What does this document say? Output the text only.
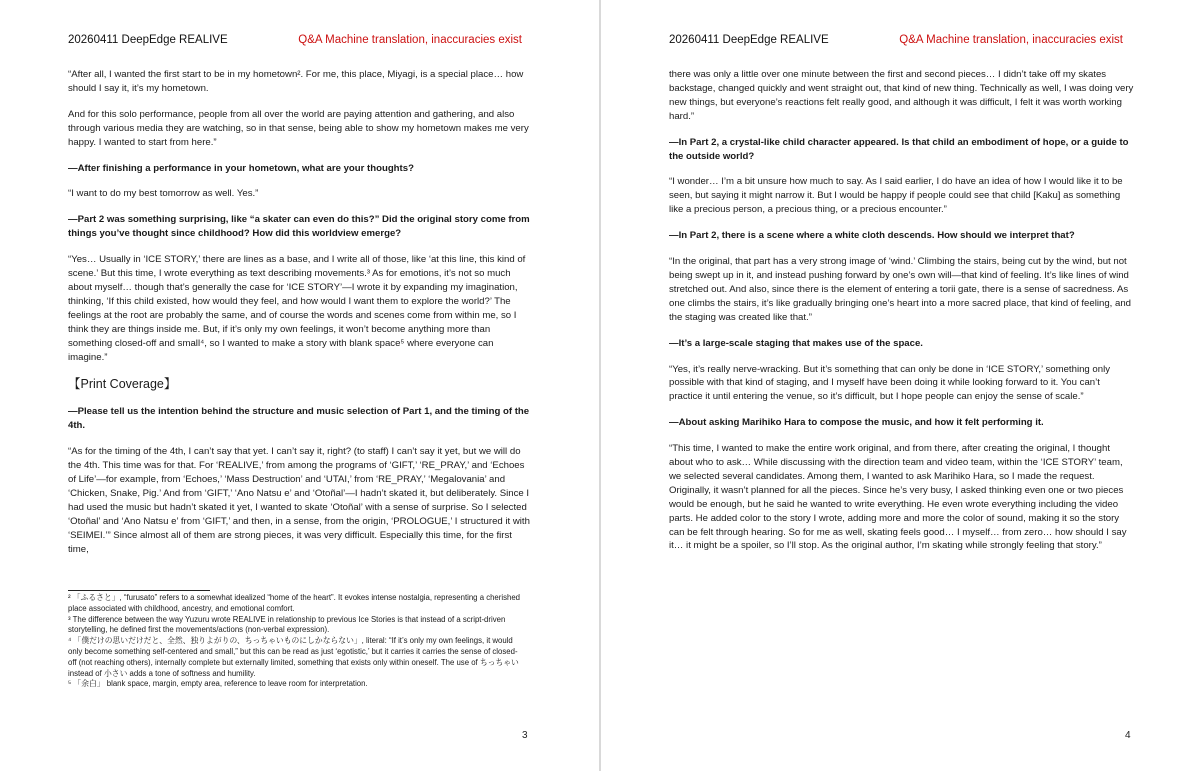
20260411 DeepEdge REALIVE	Q&A Machine translation, inaccuracies exist

“After all, I wanted the first start to be in my hometown². For me, this place, Miyagi, is a special place… how should I say it, it’s my hometown.

And for this solo performance, people from all over the world are paying attention and gathering, and also through various media they are watching, so in that sense, being able to show my hometown makes me very happy. I wanted to start from here.”

—After finishing a performance in your hometown, what are your thoughts?

“I want to do my best tomorrow as well. Yes.”

—Part 2 was something surprising, like “a skater can even do this?” Did the original story come from things you’ve thought since childhood? How did this worldview emerge?

“Yes… Usually in ‘ICE STORY,’ there are lines as a base, and I write all of those, like ‘at this line, this kind of scene.’ But this time, I wrote everything as text describing movements.³ As for emotions, it’s not so much about myself… though that’s generally the case for ‘ICE STORY’—I wrote it by expanding my imagination, thinking, ‘If this child existed, how would they feel, and how would I want them to explore the world?’ The feelings at the root are probably the same, and of course the words and scenes come from within me, so I think they are things inside me. But, if it’s only my own feelings, it won’t become anything more than something closed-off and small⁴, so I wanted to make a story with blank space⁵ where everyone can imagine.”

【Print Coverage】

—Please tell us the intention behind the structure and music selection of Part 1, and the timing of the 4th.

“As for the timing of the 4th, I can’t say that yet. I can’t say it, right? (to staff) I can’t say it yet, but we will do the 4th. This time was for that. For ‘REALIVE,’ from among the programs of ‘GIFT,’ ‘RE_PRAY,’ and ‘Echoes of Life’—for example, from ‘Echoes,’ ‘Mass Destruction’ and ‘UTAI,’ from ‘RE_PRAY,’ ‘Megalovania’ and ‘Chicken, Snake, Pig.’ And from ‘GIFT,’ ‘Ano Natsu e’ and ‘Otoñal’—I hadn’t skated it, but deliberately. Since I had used the music but hadn’t skated it yet, I wanted to skate ‘Otoñal’ with a sense of surprise. So I selected ‘Otoñal’ and ‘Ano Natsu e’ from ‘GIFT,’ and then, in a sense, from the origin, ‘PROLOGUE,’ I structured it with ‘SEIMEI.’” Since almost all of them are strong pieces, it was very difficult. Especially this time, for the first time,

² 「ふるさと」, “furusato” refers to a somewhat idealized “home of the heart”. It evokes intense nostalgia, representing a cherished place associated with childhood, ancestry, and emotional comfort.

³ The difference between the way Yuzuru wrote REALIVE in relationship to previous Ice Stories is that instead of a script-driven storytelling, he defined first the movements/actions (non-verbal expression).

⁴ 「僕だけの思いだけだと、全然、独りよがりの、ちっちゃいものにしかならない」, literal: “If it’s only my own feelings, it would only become something self-centered and small,” but this can be read as just ‘egotistic,’ but it carries it carries the sense of closed-off (not reaching others), internally complete but externally limited, something that exists only within oneself. The use of ちっちゃい instead of 小さい adds a tone of softness and humility.

⁵ 「余白」 blank space, margin, empty area, reference to leave room for interpretation.

3
20260411 DeepEdge REALIVE	Q&A Machine translation, inaccuracies exist

there was only a little over one minute between the first and second pieces… I didn’t take off my skates backstage, changed quickly and went straight out, that kind of new thing. Technically as well, I was doing very new things, but everyone’s reactions felt really good, and although it was difficult, I felt it was worth working hard.”

—In Part 2, a crystal-like child character appeared. Is that child an embodiment of hope, or a guide to the outside world?

“I wonder… I’m a bit unsure how much to say. As I said earlier, I do have an idea of how I would like it to be seen, but saying it might narrow it. But I would be happy if people could see that child [Kaku] as something like a precious person, a precious thing, or a precious encounter.”

—In Part 2, there is a scene where a white cloth descends. How should we interpret that?

“In the original, that part has a very strong image of ‘wind.’ Climbing the stairs, being cut by the wind, but not being swept up in it, and instead pushing forward by one’s own will—that kind of feeling. It’s like lines of wind stretched out. And also, since there is the element of entering a torii gate, there is a sense of sacredness. As one climbs the stairs, it’s like gradually bringing one’s heart into a more sacred place, that kind of feeling, and the staging was created like that.”

—It’s a large-scale staging that makes use of the space.

“Yes, it’s really nerve-wracking. But it’s something that can only be done in ‘ICE STORY,’ something only possible with that kind of staging, and I myself have been doing it while looking forward to it. You can’t practice it until entering the venue, so it’s difficult, but I hope people can enjoy the sense of scale.”

—About asking Marihiko Hara to compose the music, and how it felt performing it.

“This time, I wanted to make the entire work original, and from there, after creating the original, I thought about who to ask… While discussing with the direction team and video team, within the ‘ICE STORY’ team, we selected several candidates. Among them, I wanted to ask Marihiko Hara, so I made the request. Originally, it wasn’t planned for all the pieces. Since he’s very busy, I asked thinking even one or two pieces would be enough, but he said he wanted to write everything. He even wrote everything including the video parts. He added color to the story I wrote, adding more and more the color of sound, making it so the story can be felt through hearing. So for me as well, skating feels good… I myself… from zero… how should I say it… it might be a spoiler, so I’ll stop. As the original author, I’m skating while strongly feeling that story.”

4
